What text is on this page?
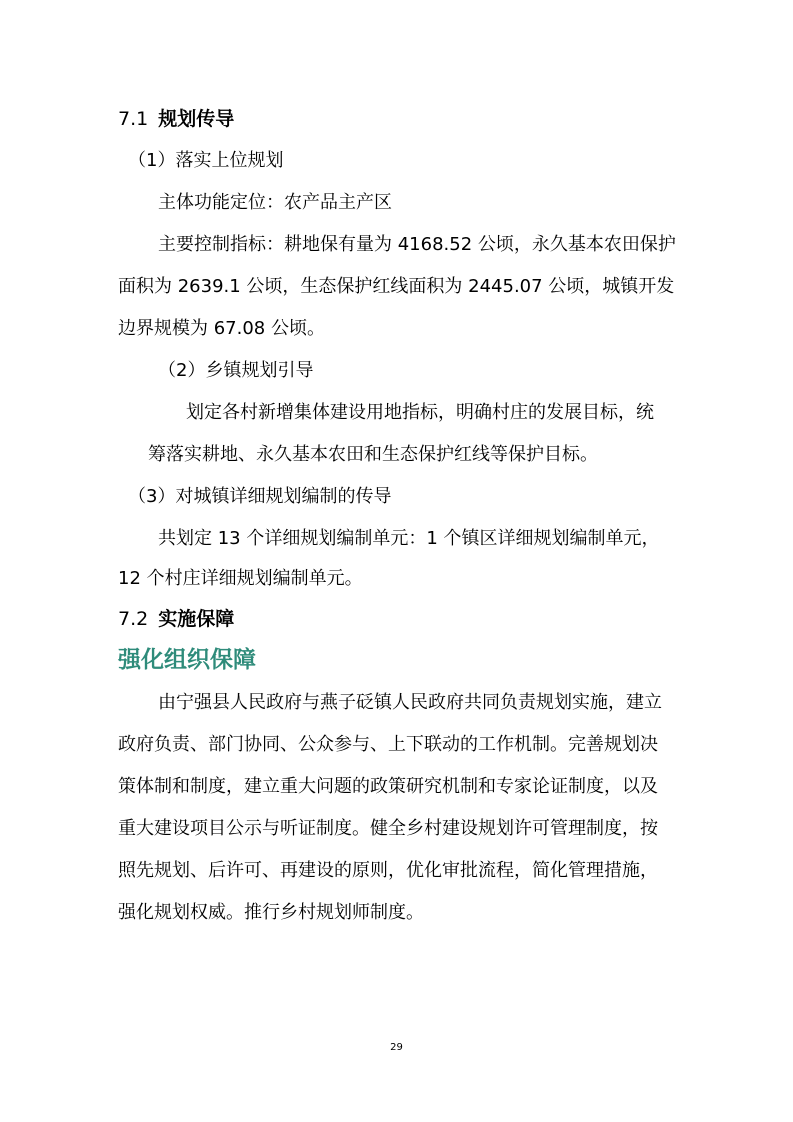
7.1 规划传导
（1）落实上位规划
主体功能定位：农产品主产区
主要控制指标：耕地保有量为 4168.52 公顷，永久基本农田保护
面积为 2639.1 公顷，生态保护红线面积为 2445.07 公顷，城镇开发
边界规模为 67.08 公顷。
（2）乡镇规划引导
划定各村新增集体建设用地指标，明确村庄的发展目标，统
筹落实耕地、永久基本农田和生态保护红线等保护目标。
（3）对城镇详细规划编制的传导
共划定 13 个详细规划编制单元：1 个镇区详细规划编制单元，
12 个村庄详细规划编制单元。
7.2 实施保障
强化组织保障
由宁强县人民政府与燕子砭镇人民政府共同负责规划实施，建立
政府负责、部门协同、公众参与、上下联动的工作机制。完善规划决
策体制和制度，建立重大问题的政策研究机制和专家论证制度，以及
重大建设项目公示与听证制度。健全乡村建设规划许可管理制度，按
照先规划、后许可、再建设的原则，优化审批流程，简化管理措施，
强化规划权威。推行乡村规划师制度。
29
